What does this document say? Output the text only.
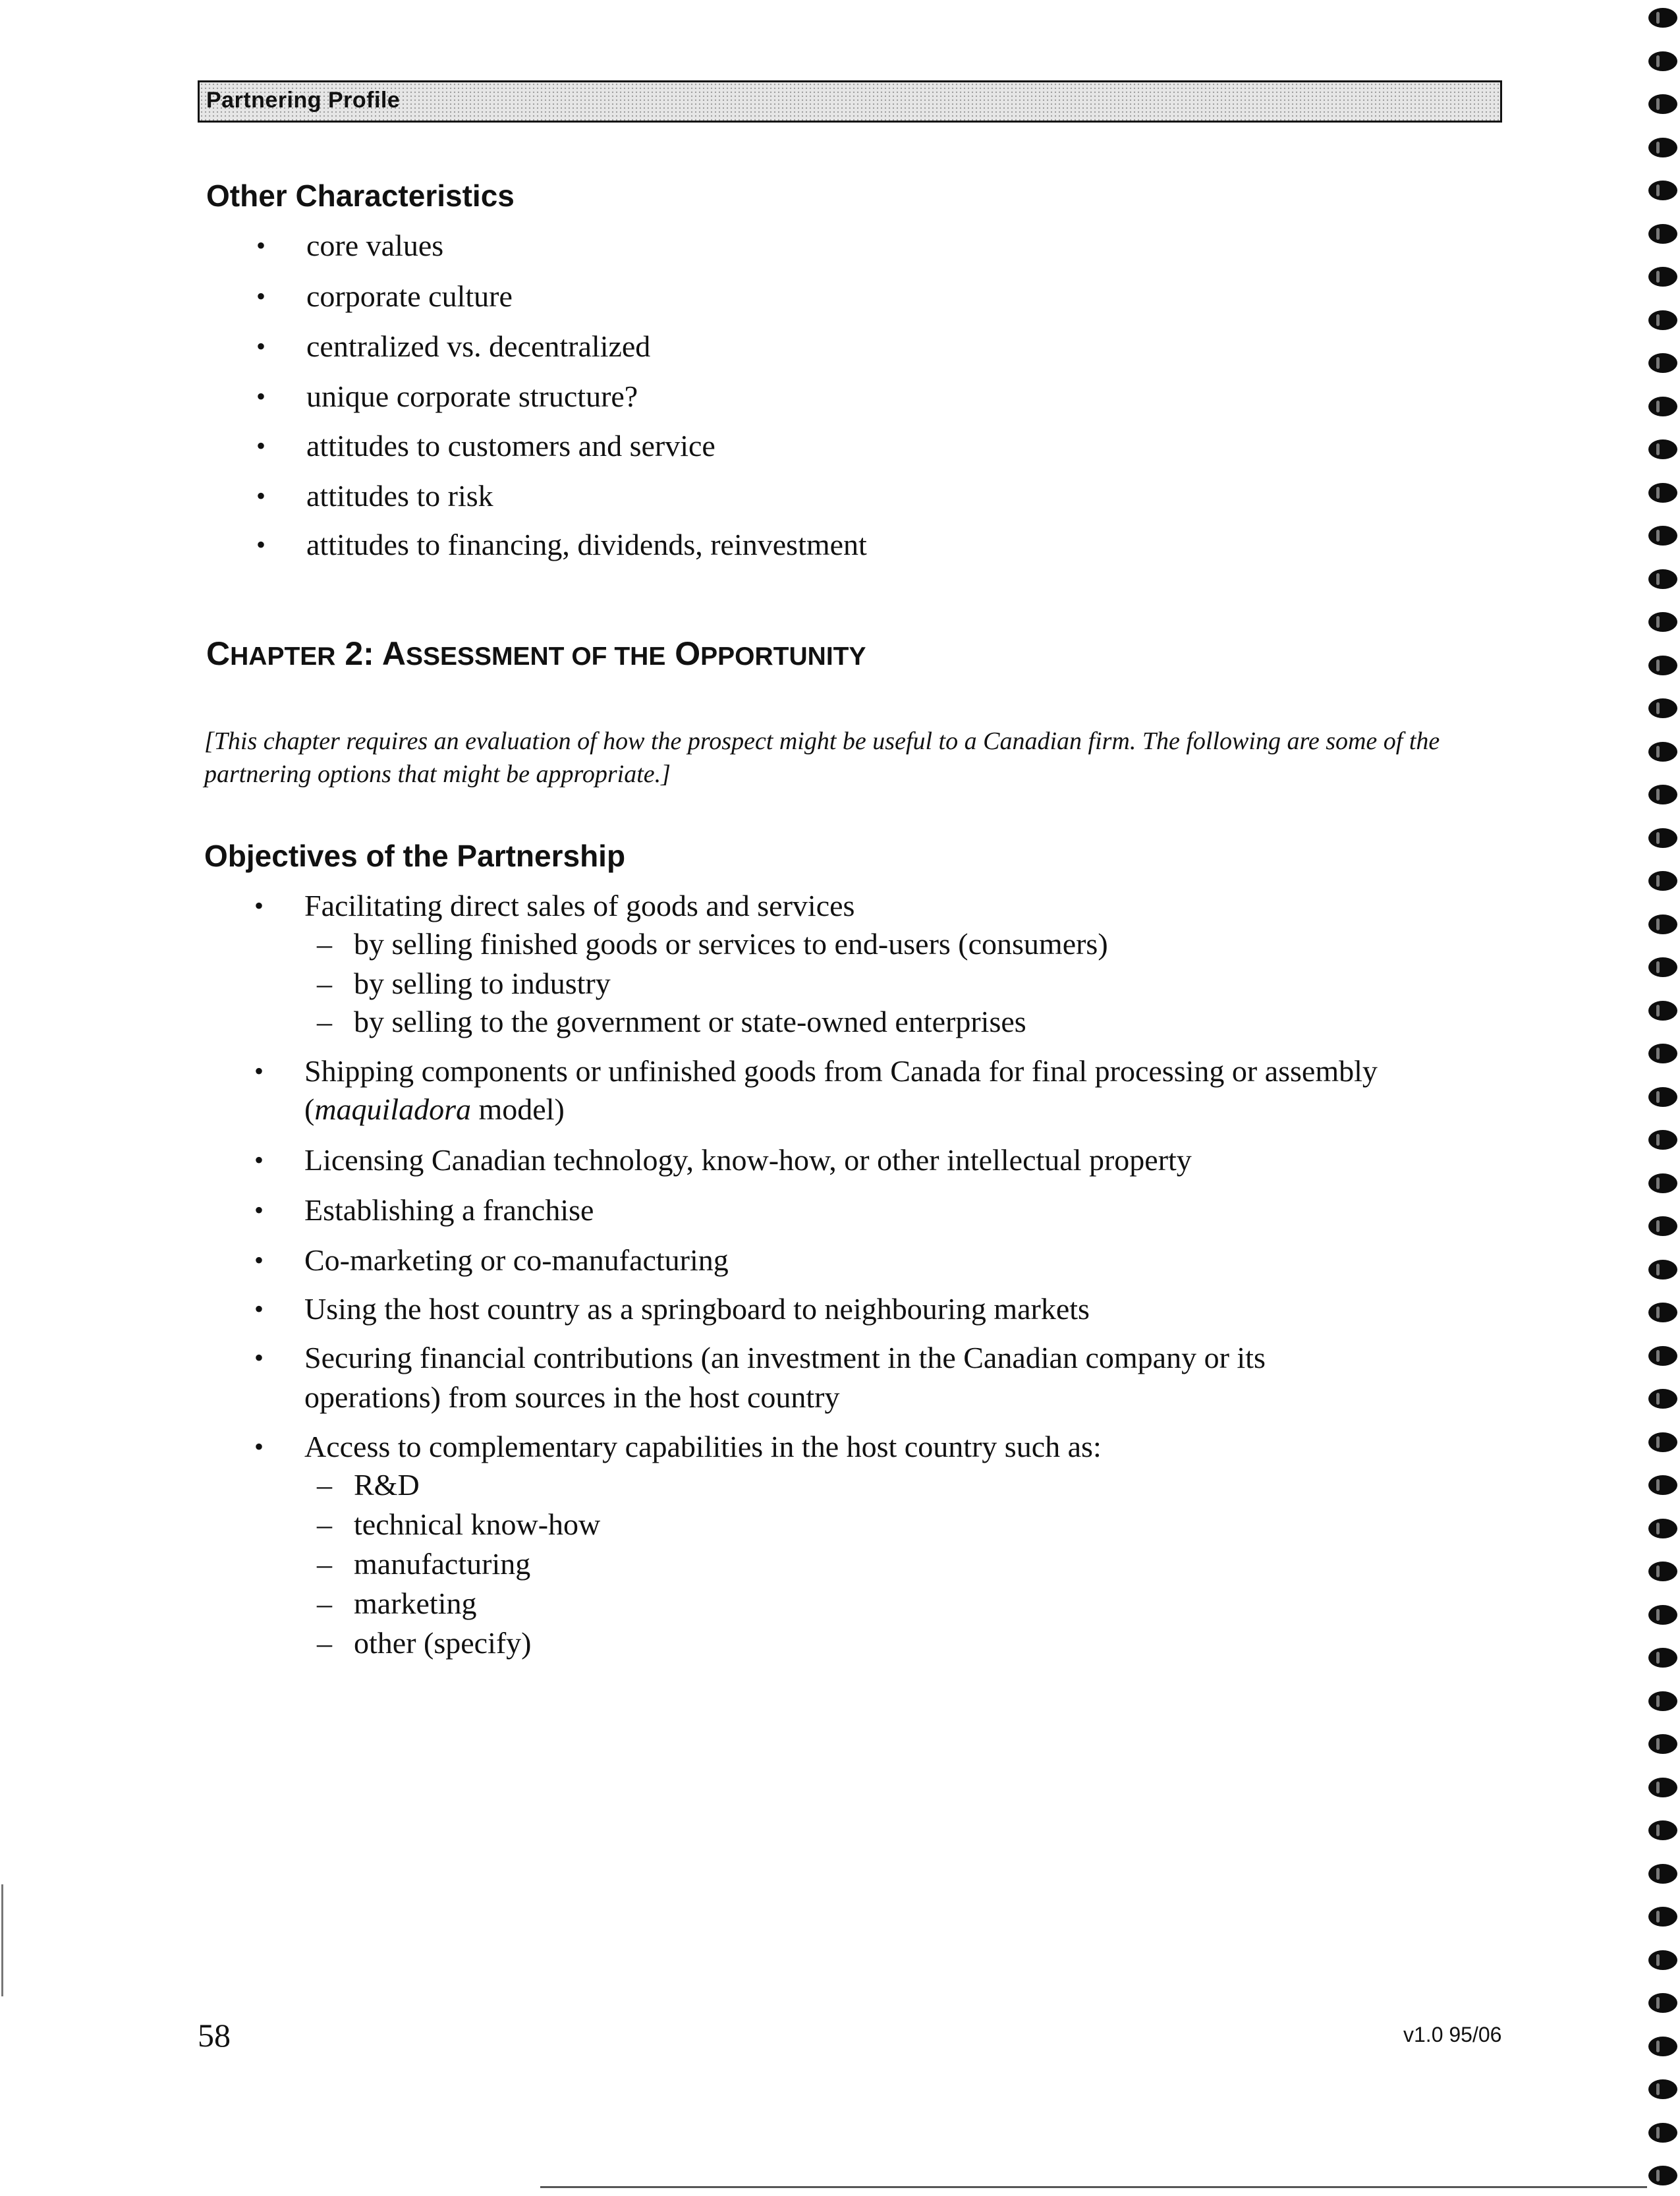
Partnering Profile
Other Characteristics
• core values
• corporate culture
• centralized vs. decentralized
• unique corporate structure?
• attitudes to customers and service
• attitudes to risk
• attitudes to financing, dividends, reinvestment
CHAPTER 2: ASSESSMENT OF THE OPPORTUNITY
[This chapter requires an evaluation of how the prospect might be useful to a Canadian firm. The following are some of the partnering options that might be appropriate.]
Objectives of the Partnership
• Facilitating direct sales of goods and services
– by selling finished goods or services to end-users (consumers)
– by selling to industry
– by selling to the government or state-owned enterprises
• Shipping components or unfinished goods from Canada for final processing or assembly
(maquiladora model)
• Licensing Canadian technology, know-how, or other intellectual property
• Establishing a franchise
• Co-marketing or co-manufacturing
• Using the host country as a springboard to neighbouring markets
• Securing financial contributions (an investment in the Canadian company or its
operations) from sources in the host country
• Access to complementary capabilities in the host country such as:
– R&D
– technical know-how
– manufacturing
– marketing
– other (specify)
58	v1.0 95/06
